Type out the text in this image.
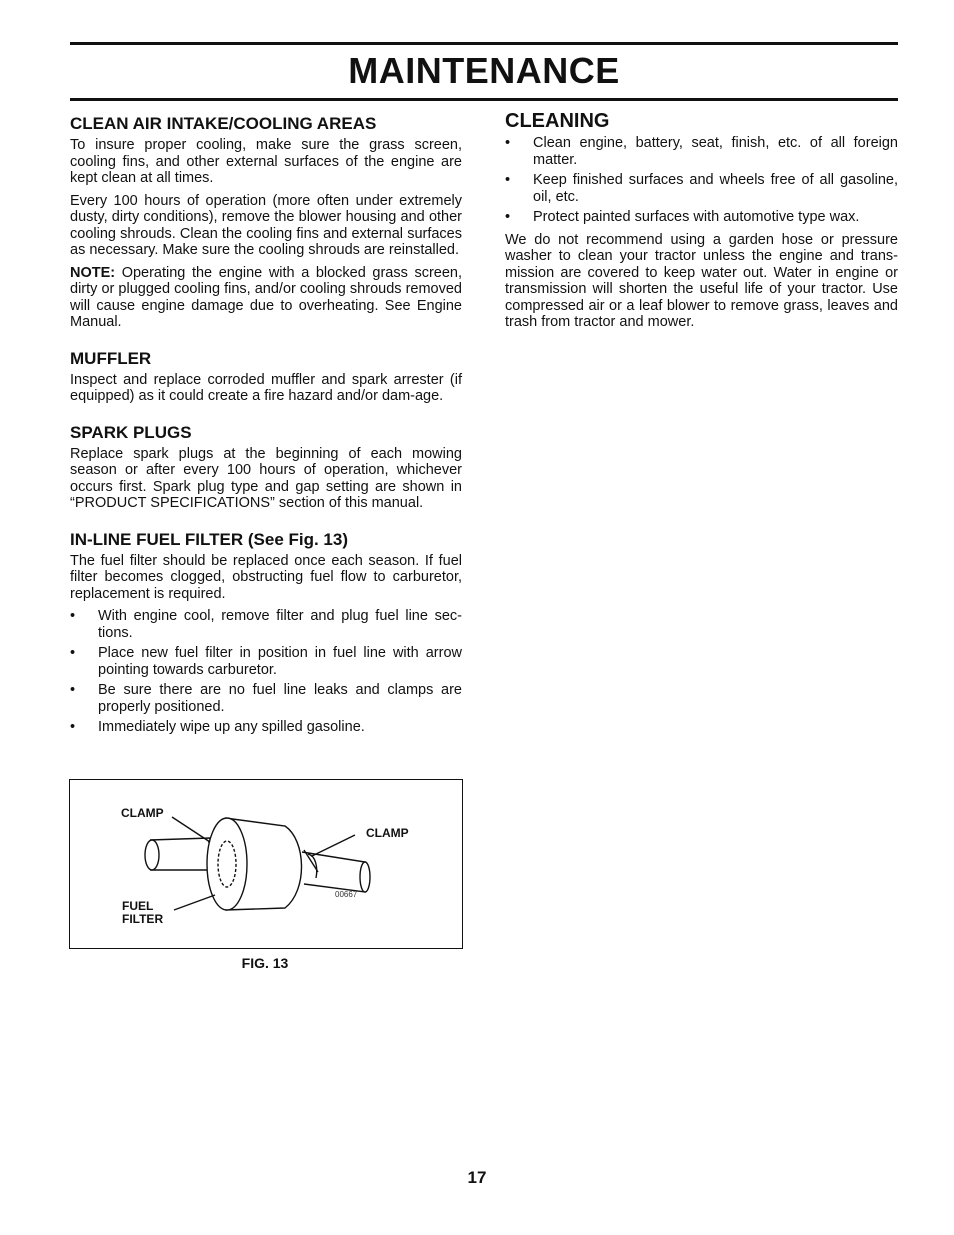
MAINTENANCE
CLEAN AIR INTAKE/COOLING AREAS

To insure proper cooling, make sure the grass screen, cooling fins, and other external surfaces of the engine are kept clean at all times.

Every 100 hours of operation (more often under extremely dusty, dirty conditions), remove the blower housing and other cooling shrouds. Clean the cooling fins and external surfaces as necessary. Make sure the cooling shrouds are reinstalled.

NOTE: Operating the engine with a blocked grass screen, dirty or plugged cooling fins, and/or cooling shrouds removed will cause engine damage due to overheating. See Engine Manual.

MUFFLER

Inspect and replace corroded muffler and spark arrester (if equipped) as it could create a fire hazard and/or dam-age.

SPARK PLUGS

Replace spark plugs at the beginning of each mowing season or after every 100 hours of operation, whichever occurs first. Spark plug type and gap setting are shown in “PRODUCT SPECIFICATIONS” section of this manual.

IN-LINE FUEL FILTER (See Fig. 13)

The fuel filter should be replaced once each season. If fuel filter becomes clogged, obstructing fuel flow to carburetor, replacement is required.

• With engine cool, remove filter and plug fuel line sec-tions.
• Place new fuel filter in position in fuel line with arrow pointing towards carburetor.
• Be sure there are no fuel line leaks and clamps are properly positioned.
• Immediately wipe up any spilled gasoline.
CLAMP
CLAMP
FUEL
FILTER
00667
FIG. 13
CLEANING
• Clean engine, battery, seat, finish, etc. of all foreign matter.
• Keep finished surfaces and wheels free of all gasoline, oil, etc.
• Protect painted surfaces with automotive type wax.

We do not recommend using a garden hose or pressure washer to clean your tractor unless the engine and trans-mission are covered to keep water out. Water in engine or transmission will shorten the useful life of your tractor. Use compressed air or a leaf blower to remove grass, leaves and trash from tractor and mower.

17
